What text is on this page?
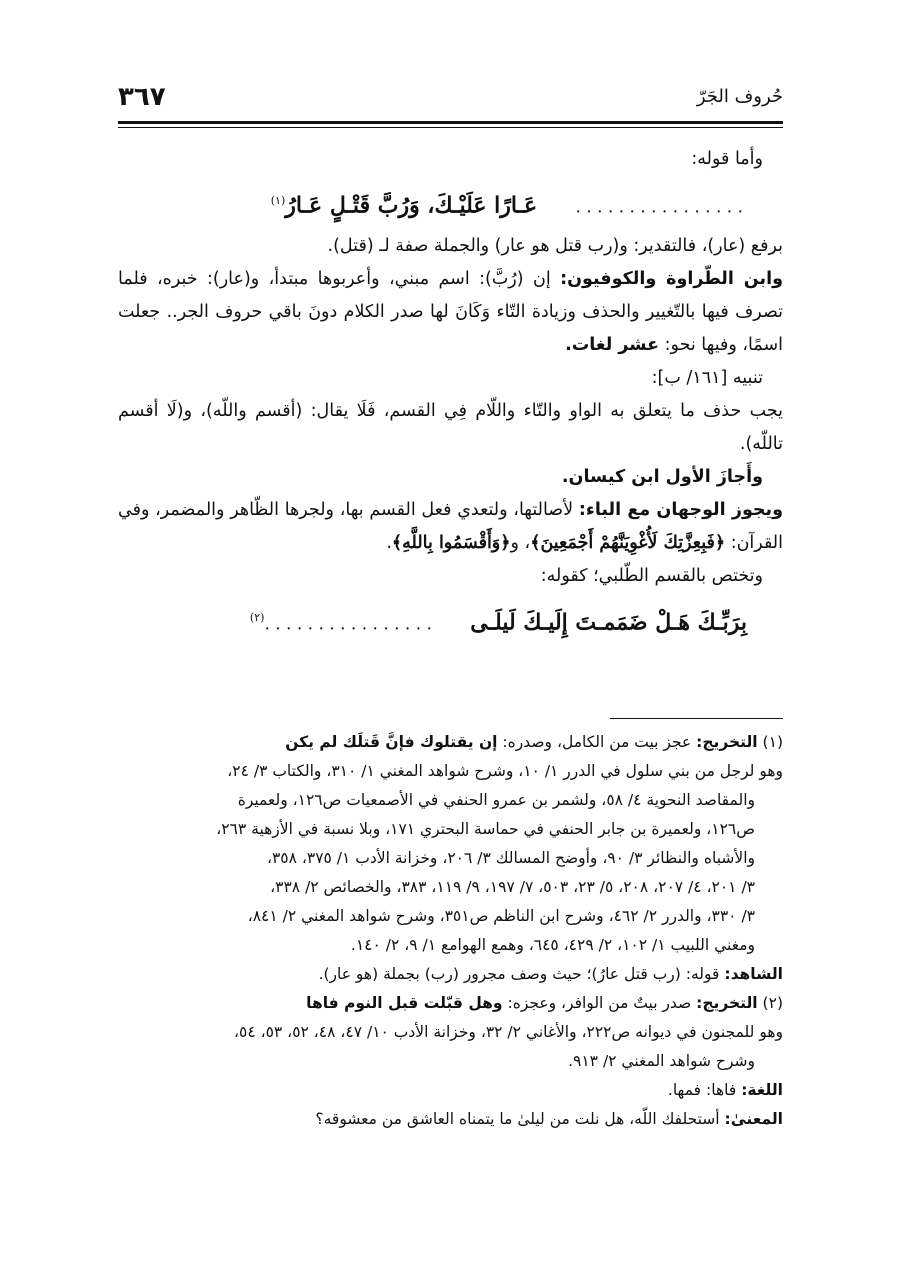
حُروف الجَرّ
٣٦٧

وأما قوله:

. . . . . . . . . . . . . . . .     عَـارًا عَلَيْـكَ، وَرُبَّ قَتْـلٍ عَـارُ$^{(١)}$

برفع (عار)، فالتقدير: و(رب قتل هو عار) والجملة صفة لـ (قتل).

وابن الطّراوة والكوفيون: إن (رُبَّ): اسم مبني، وأعربوها مبتدأ، و(عار): خبره، فلما تصرف فيها بالتّغيير والحذف وزيادة التّاء وَكَانَ لها صدر الكلام دونَ باقي حروف الجر.. جعلت اسمًا، وفيها نحو: عشر لغات.

تنبيه [١٦١/ ب]:

يجب حذف ما يتعلق به الواو والتّاء واللّام فِي القسم، فَلَا يقال: (أقسم واللّه)، و(لَا أقسم تاللّه).

وأَجازَ الأول ابن كيسان.

ويجوز الوجهان مع الباء: لأصالتها، ولتعدي فعل القسم بها، ولجرها الظّاهر والمضمر، وفي القرآن: ﴿فَبِعِزَّتِكَ لَأُغْوِيَنَّهُمْ أَجْمَعِينَ﴾، و﴿وَأَقْسَمُوا بِاللَّهِ﴾.

وتختص بالقسم الطّلبي؛ كقوله:

بِرَبِّـكَ هَـلْ ضَمَمـتَ إِلَيـكَ لَيلَـى     . . . . . . . . . . . . . . . .$^{(٢)}$

(١) التخريج: عجز بيت من الكامل، وصدره: إن يقتلوك فإنَّ قَتلَك لم يكن

وهو لرجل من بني سلول في الدرر ١/ ١٠، وشرح شواهد المغني ١/ ٣١٠، والكتاب ٣/ ٢٤،

والمقاصد النحوية ٤/ ٥٨، ولشمر بن عمرو الحنفي في الأصمعيات ص١٢٦، ولعميرة

ص١٢٦، ولعميرة بن جابر الحنفي في حماسة البحتري ١٧١، وبلا نسبة في الأزهية ٢٦٣،

والأشباه والنظائر ٣/ ٩٠، وأوضح المسالك ٣/ ٢٠٦، وخزانة الأدب ١/ ٣٧٥، ٣٥٨،

٣/ ٢٠١، ٤/ ٢٠٧، ٢٠٨، ٥/ ٢٣، ٥٠٣، ٧/ ١٩٧، ٩/ ١١٩، ٣٨٣، والخصائص ٢/ ٣٣٨،

٣/ ٣٣٠، والدرر ٢/ ٤٦٢، وشرح ابن الناظم ص٣٥١، وشرح شواهد المغني ٢/ ٨٤١،

ومغني اللبيب ١/ ١٠٢، ٢/ ٤٢٩، ٦٤٥، وهمع الهوامع ١/ ٩، ٢/ ١٤٠.

الشاهد: قوله: (رب قتل عارُ)؛ حيث وصف مجرور (رب) بجملة (هو عار).

(٢) التخريج: صدر بيتٌ من الوافر، وعجزه: وهل قبّلت قبل النوم فاها

وهو للمجنون في ديوانه ص٢٢٢، والأغاني ٢/ ٣٢، وخزانة الأدب ١٠/ ٤٧، ٤٨، ٥٢، ٥٣، ٥٤،

وشرح شواهد المغني ٢/ ٩١٣.

اللغة: فاها: فمها.

المعنىٰ: أستحلفك اللّه، هل نلت من ليلىٰ ما يتمناه العاشق من معشوقه؟
